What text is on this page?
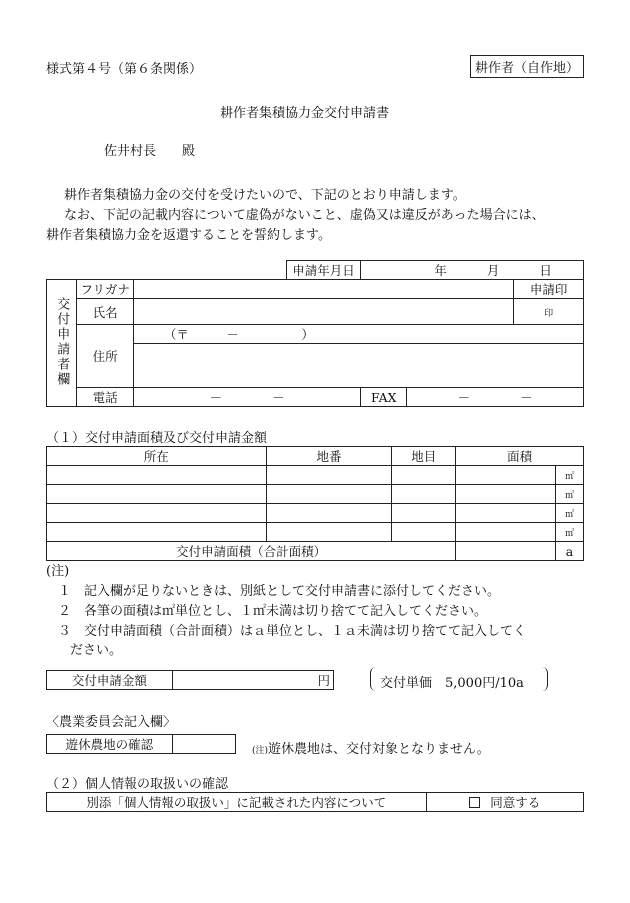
様式第４号（第６条関係）	耕作者（自作地）
耕作者集積協力金交付申請書
佐井村長　　殿
耕作者集積協力金の交付を受けたいので、下記のとおり申請します。
なお、下記の記載内容について虚偽がないこと、虚偽又は違反があった場合には、
耕作者集積協力金を返還することを誓約します。
			申請年月日	年 月 日		
交付申請者欄	フリガナ					申請印
	氏名					印
	住所	（〒　　　－　　　　　）				

	電話	－　　　　－		FAX	－　　　　－	
（１）交付申請面積及び交付申請金額
所在	地番	地目	面積	
				㎡
				㎡
				㎡
				㎡
交付申請面積（合計面積）				a
(注)
１　記入欄が足りないときは、別紙として交付申請書に添付してください。
２　各筆の面積は㎡単位とし、１㎡未満は切り捨てて記入してください。
３　交付申請面積（合計面積）はａ単位とし、１ａ未満は切り捨てて記入してく
ださい。
交付申請金額	円	交付単価　5,000円/10a
〈農業委員会記入欄〉
遊休農地の確認		(注)遊休農地は、交付対象となりません。
（２）個人情報の取扱いの確認
別添「個人情報の取扱い」に記載された内容について	同意する
